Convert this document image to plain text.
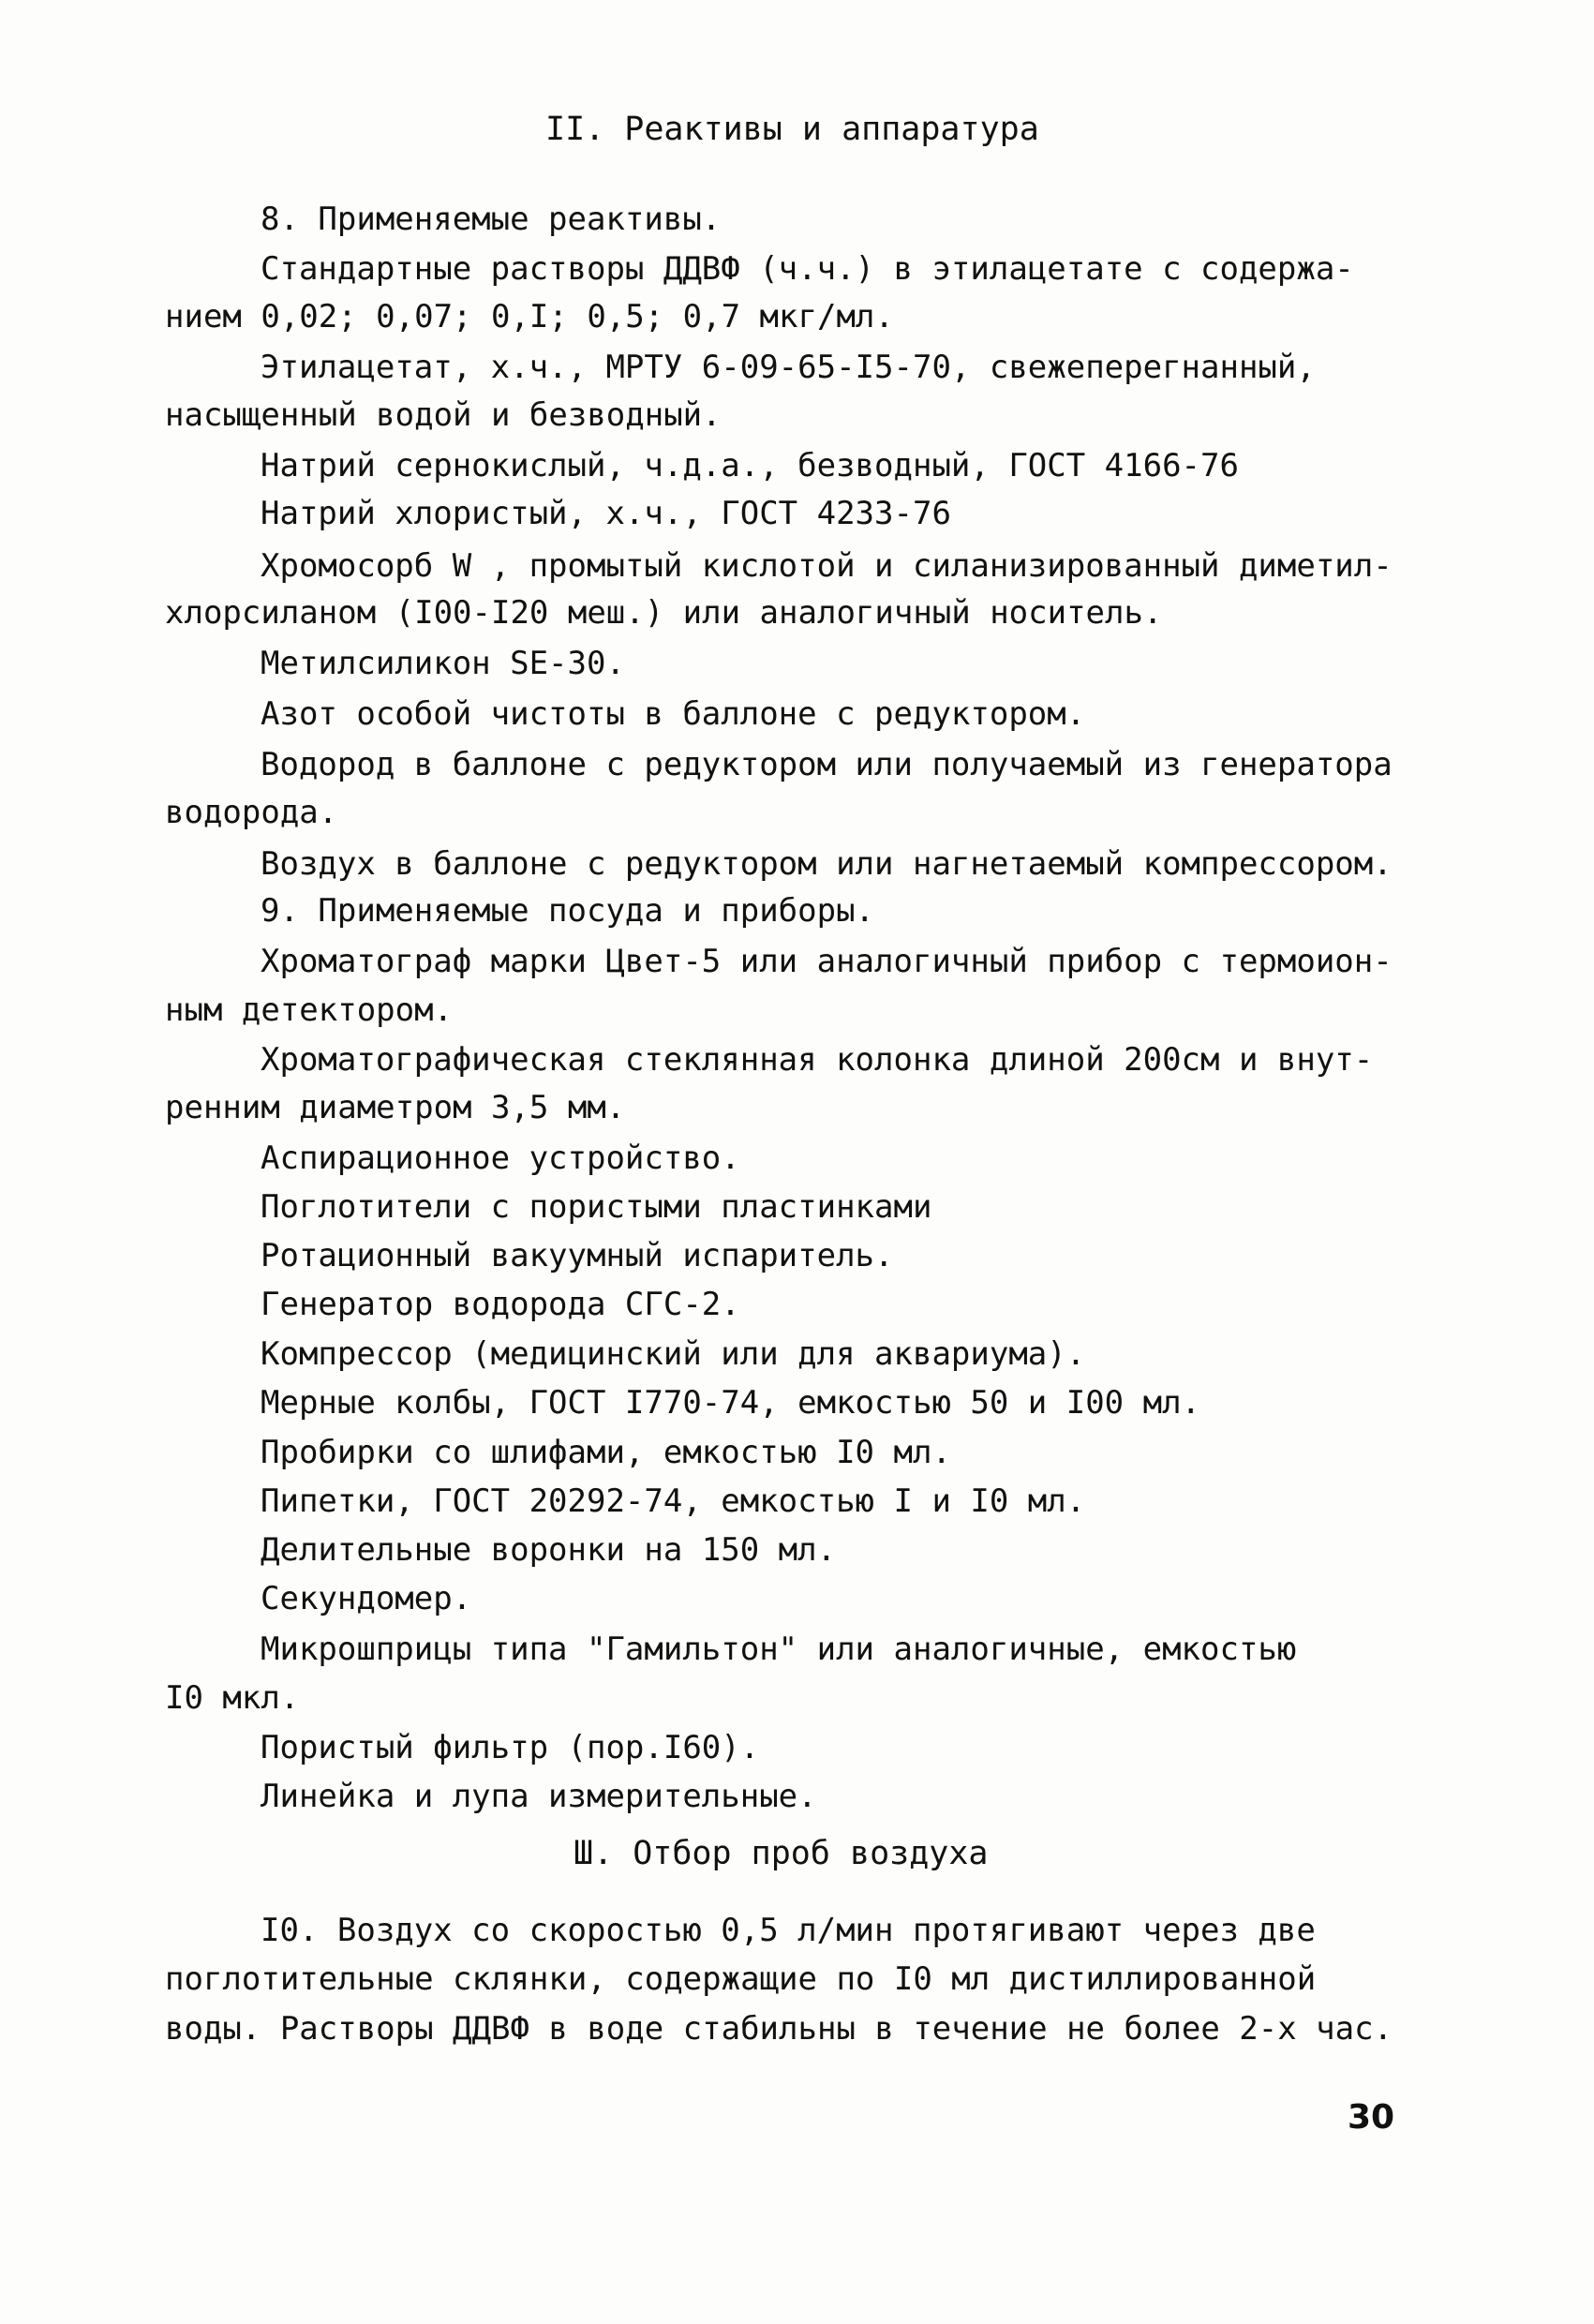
II. Реактивы и аппаратура
8. Применяемые реактивы.
Стандартные растворы ДДВФ (ч.ч.) в этилацетате с содержа-
нием 0,02; 0,07; 0,I; 0,5; 0,7 мкг/мл.
Этилацетат, х.ч., МРТУ 6-09-65-I5-70, свежеперегнанный,
насыщенный водой и безводный.
Натрий сернокислый, ч.д.а., безводный, ГОСТ 4166-76
Натрий хлористый, х.ч., ГОСТ 4233-76
Хромосорб W , промытый кислотой и силанизированный диметил-
хлорсиланом (I00-I20 меш.) или аналогичный носитель.
Метилсиликон SE-30.
Азот особой чистоты в баллоне с редуктором.
Водород в баллоне с редуктором или получаемый из генератора
водорода.
Воздух в баллоне с редуктором или нагнетаемый компрессором.
9. Применяемые посуда и приборы.
Хроматограф марки Цвет-5 или аналогичный прибор с термоион-
ным детектором.
Хроматографическая стеклянная колонка длиной 200см и внут-
ренним диаметром 3,5 мм.
Аспирационное устройство.
Поглотители с пористыми пластинками
Ротационный вакуумный испаритель.
Генератор водорода СГС-2.
Компрессор (медицинский или для аквариума).
Мерные колбы, ГОСТ I770-74, емкостью 50 и I00 мл.
Пробирки со шлифами, емкостью I0 мл.
Пипетки, ГОСТ 20292-74, емкостью I и I0 мл.
Делительные воронки на 150 мл.
Секундомер.
Микрошприцы типа "Гамильтон" или аналогичные, емкостью
I0 мкл.
Пористый фильтр (пор.I60).
Линейка и лупа измерительные.
Ш. Отбор проб воздуха
I0. Воздух со скоростью 0,5 л/мин протягивают через две
поглотительные склянки, содержащие по I0 мл дистиллированной
воды. Растворы ДДВФ в воде стабильны в течение не более 2-х час.
30
